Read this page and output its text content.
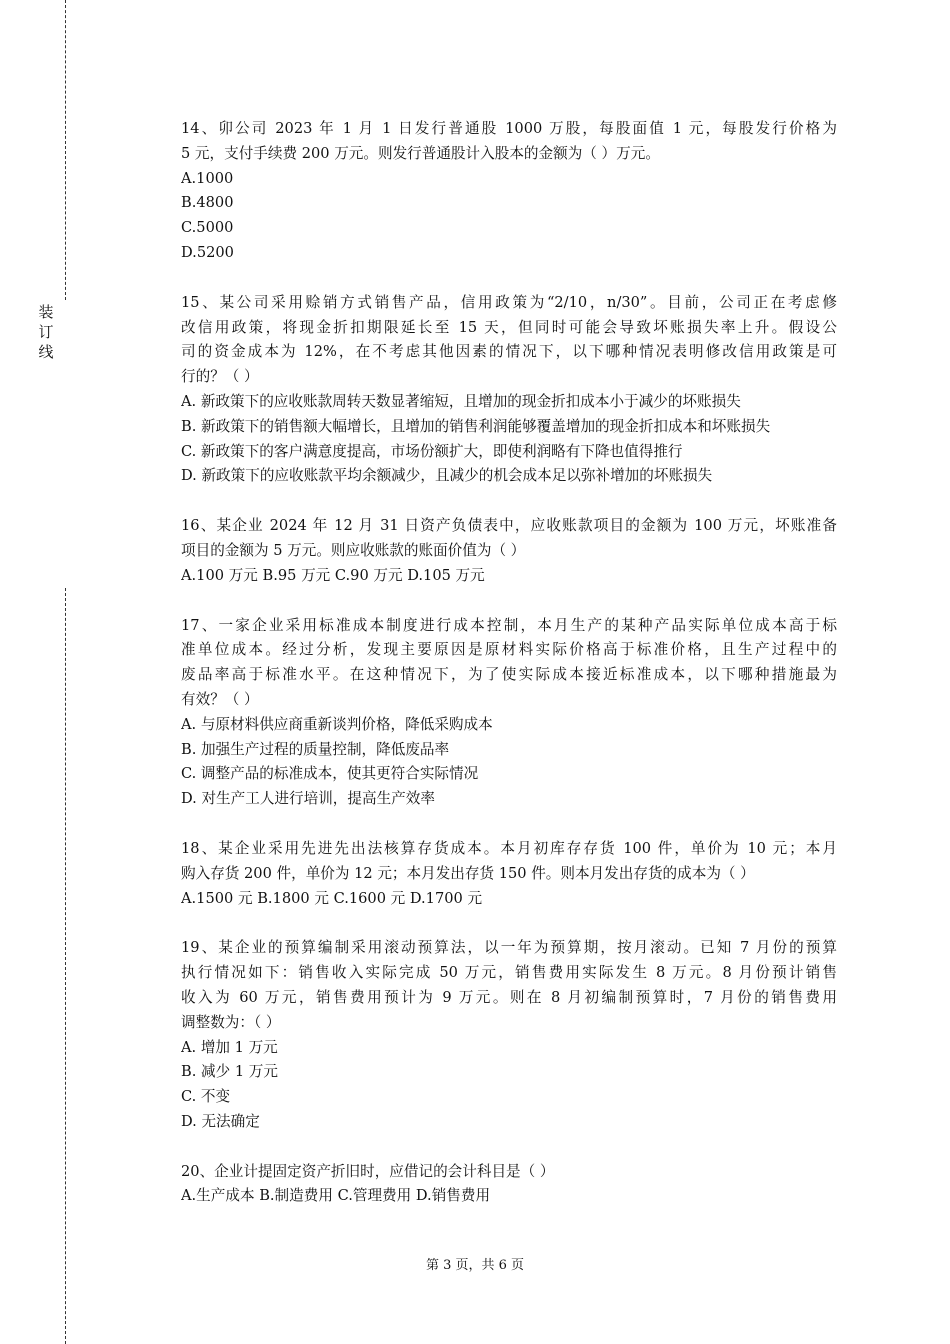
装
订
线
14、卯公司 2023 年 1 月 1 日发行普通股 1000 万股，每股面值 1 元，每股发行价格为
5 元，支付手续费 200 万元。则发行普通股计入股本的金额为（ ）万元。
A.1000
B.4800
C.5000
D.5200
15、某公司采用赊销方式销售产品，信用政策为“2/10，n/30”。目前，公司正在考虑修
改信用政策，将现金折扣期限延长至 15 天，但同时可能会导致坏账损失率上升。假设公
司的资金成本为 12%，在不考虑其他因素的情况下，以下哪种情况表明修改信用政策是可
行的？（ ）
A. 新政策下的应收账款周转天数显著缩短，且增加的现金折扣成本小于减少的坏账损失
B. 新政策下的销售额大幅增长，且增加的销售利润能够覆盖增加的现金折扣成本和坏账损失
C. 新政策下的客户满意度提高，市场份额扩大，即使利润略有下降也值得推行
D. 新政策下的应收账款平均余额减少，且减少的机会成本足以弥补增加的坏账损失
16、某企业 2024 年 12 月 31 日资产负债表中，应收账款项目的金额为 100 万元，坏账准备
项目的金额为 5 万元。则应收账款的账面价值为（ ）
A.100 万元 B.95 万元 C.90 万元 D.105 万元
17、一家企业采用标准成本制度进行成本控制，本月生产的某种产品实际单位成本高于标
准单位成本。经过分析，发现主要原因是原材料实际价格高于标准价格，且生产过程中的
废品率高于标准水平。在这种情况下，为了使实际成本接近标准成本，以下哪种措施最为
有效？（ ）
A. 与原材料供应商重新谈判价格，降低采购成本
B. 加强生产过程的质量控制，降低废品率
C. 调整产品的标准成本，使其更符合实际情况
D. 对生产工人进行培训，提高生产效率
18、某企业采用先进先出法核算存货成本。本月初库存存货 100 件，单价为 10 元；本月
购入存货 200 件，单价为 12 元；本月发出存货 150 件。则本月发出存货的成本为（ ）
A.1500 元 B.1800 元 C.1600 元 D.1700 元
19、某企业的预算编制采用滚动预算法，以一年为预算期，按月滚动。已知 7 月份的预算
执行情况如下：销售收入实际完成 50 万元，销售费用实际发生 8 万元。8 月份预计销售
收入为 60 万元，销售费用预计为 9 万元。则在 8 月初编制预算时，7 月份的销售费用
调整数为：（ ）
A. 增加 1 万元
B. 减少 1 万元
C. 不变
D. 无法确定
20、企业计提固定资产折旧时，应借记的会计科目是（ ）
A.生产成本 B.制造费用 C.管理费用 D.销售费用
第 3 页，共 6 页
